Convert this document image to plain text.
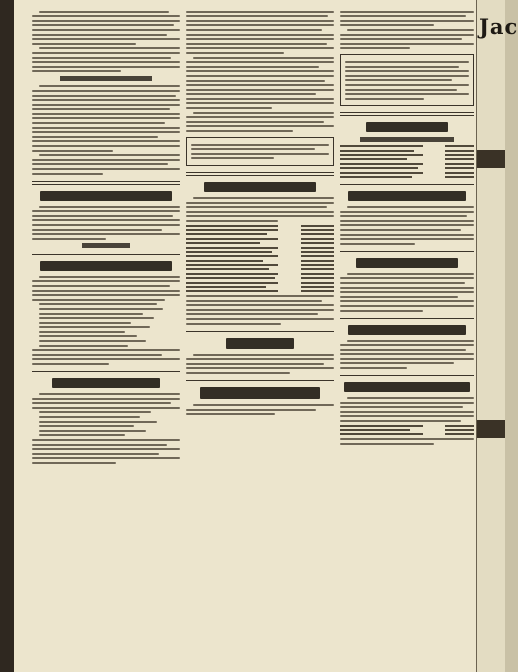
Jac
